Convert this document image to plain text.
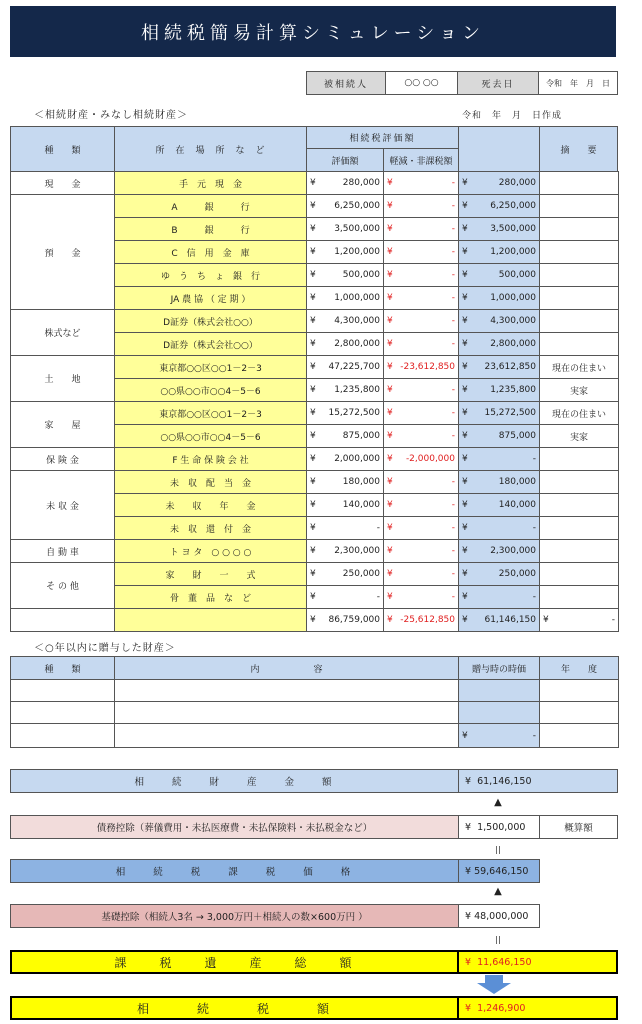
相続税簡易計算シミュレーション
被相続人	○○ ○○	死去日	令和　年　月　日
＜相続財産・みなし相続財産＞	令和　年　月　日作成
種　　類	所　在　場　所　な　ど
相続税評価額
評価額	軽減・非課税額
摘　　要
現　　金	手　元　現　金	¥ 280,000	¥ -	¥ 280,000	

預　　金	A　　　銀　　　行	¥ 6,250,000	¥ -	¥ 6,250,000	

	B　　　銀　　　行	¥ 3,500,000	¥ -	¥ 3,500,000	

	C　信　用　金　庫	¥ 1,200,000	¥ -	¥ 1,200,000	

	ゆ　う　ち　ょ　銀　行	¥ 500,000	¥ -	¥ 500,000	

	JA 農 協 （ 定 期 ）	¥ 1,000,000	¥ -	¥ 1,000,000	

株式など	D証券（株式会社○○）	¥ 4,300,000	¥ -	¥ 4,300,000	

	D証券（株式会社○○）	¥ 2,800,000	¥ -	¥ 2,800,000	

土　　地	東京都○○区○○1－2－3	¥ 47,225,700	¥ -23,612,850	¥ 23,612,850	現在の住まい
	○○県○○市○○4－5－6	¥ 1,235,800	¥ -	¥ 1,235,800	実家
家　　屋	東京都○○区○○1－2－3	¥ 15,272,500	¥ -	¥ 15,272,500	現在の住まい
	○○県○○市○○4－5－6	¥ 875,000	¥ -	¥ 875,000	実家
保 険 金	F 生 命 保 険 会 社	¥ 2,000,000	¥ -2,000,000	¥ -	

未 収 金	未　収　配　当　金	¥ 180,000	¥ -	¥ 180,000	

	未　　収　　年　　金	¥ 140,000	¥ -	¥ 140,000	

	未　収　還　付　金	¥ -	¥ -	¥ -	

自 動 車	ト ヨ タ　○ ○ ○ ○	¥ 2,300,000	¥ -	¥ 2,300,000	

そ の 他	家　　財　　一　　式	¥ 250,000	¥ -	¥ 250,000	

	骨　董　品　な　ど	¥ -	¥ -	¥ -	

		¥ 86,759,000	¥ -25,612,850	¥ 61,146,150	¥ -
＜○年以内に贈与した財産＞
種　　類	内　　　　　　容	贈与時の時価	年　　度

		¥ -	

相　　続　　財　　産　　金　　額	¥
61,146,150
▲
債務控除（葬儀費用・未払医療費・未払保険料・未払税金など）	¥
1,500,000	概算額
||
相　　続　　税　　課　　税　　価　　格	¥
59,646,150
▲
基礎控除（相続人3名 → 3,000万円＋相続人の数×600万円 ）	¥
48,000,000
||
課　　税　　遺　　産　　総　　額	¥
11,646,150
相　　　続　　　税　　　額	¥
1,246,900
